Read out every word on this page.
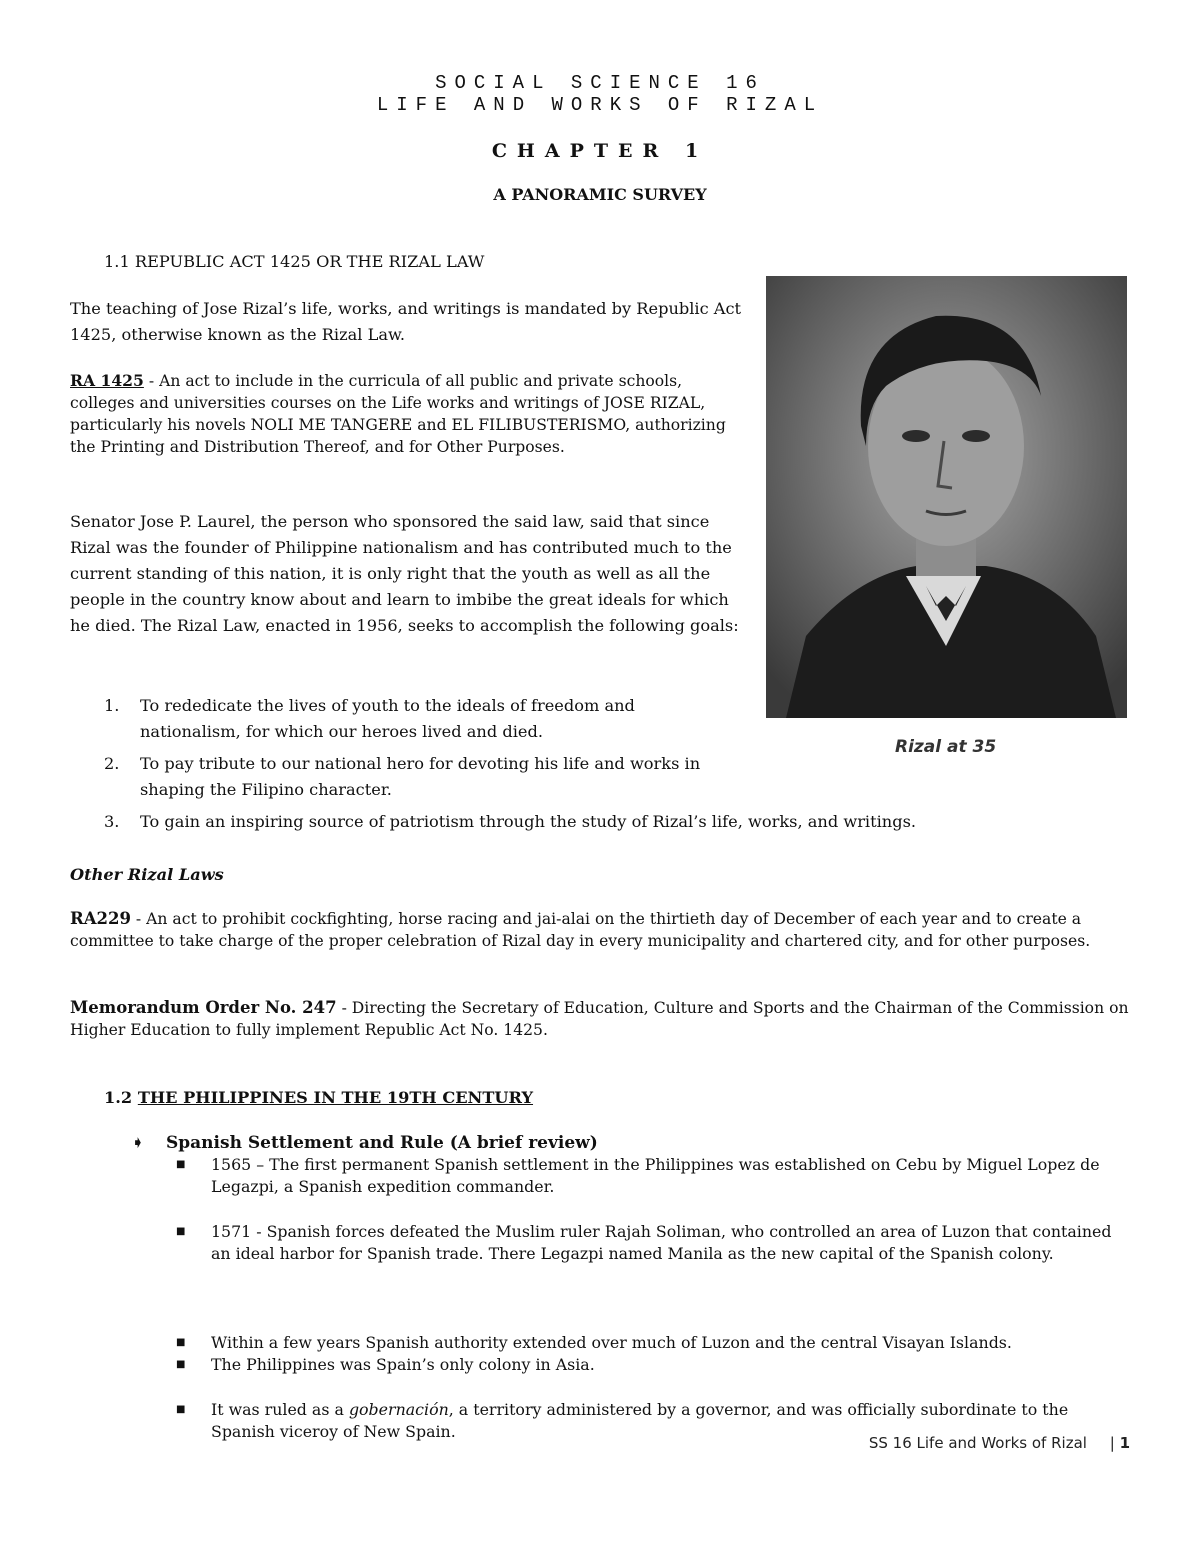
SOCIAL SCIENCE 16
LIFE AND WORKS OF RIZAL
CHAPTER 1
A PANORAMIC SURVEY

1.1 REPUBLIC ACT 1425 OR THE RIZAL LAW

The teaching of Jose Rizal’s life, works, and writings is mandated by Republic Act 1425, otherwise known as the Rizal Law.

RA 1425 - An act to include in the curricula of all public and private schools, colleges and universities courses on the Life works and writings of JOSE RIZAL, particularly his novels NOLI ME TANGERE and EL FILIBUSTERISMO, authorizing the Printing and Distribution Thereof, and for Other Purposes.

Senator Jose P. Laurel, the person who sponsored the said law, said that since Rizal was the founder of Philippine nationalism and has contributed much to the current standing of this nation, it is only right that the youth as well as all the people in the country know about and learn to imbibe the great ideals for which he died. The Rizal Law, enacted in 1956, seeks to accomplish the following goals:

1.	To rededicate the lives of youth to the ideals of freedom and nationalism, for which our heroes lived and died.
2.	To pay tribute to our national hero for devoting his life and works in shaping the Filipino character.
3.	To gain an inspiring source of patriotism through the study of Rizal’s life, works, and writings.
Rizal at 35

Other Rizal Laws

RA229 - An act to prohibit cockfighting, horse racing and jai-alai on the thirtieth day of December of each year and to create a committee to take charge of the proper celebration of Rizal day in every municipality and chartered city, and for other purposes.

Memorandum Order No. 247 - Directing the Secretary of Education, Culture and Sports and the Chairman of the Commission on Higher Education to fully implement Republic Act No. 1425.

1.2 THE PHILIPPINES IN THE 19TH CENTURY

➧	Spanish Settlement and Rule (A brief review)
■	1565 – The first permanent Spanish settlement in the Philippines was established on Cebu by Miguel Lopez de Legazpi, a Spanish expedition commander.
■	1571 - Spanish forces defeated the Muslim ruler Rajah Soliman, who controlled an area of Luzon that contained an ideal harbor for Spanish trade. There Legazpi named Manila as the new capital of the Spanish colony.
■	Within a few years Spanish authority extended over much of Luzon and the central Visayan Islands.
■	The Philippines was Spain’s only colony in Asia.
■	It was ruled as a gobernación, a territory administered by a governor, and was officially subordinate to the Spanish viceroy of New Spain.
SS 16 Life and Works of Rizal | 1
